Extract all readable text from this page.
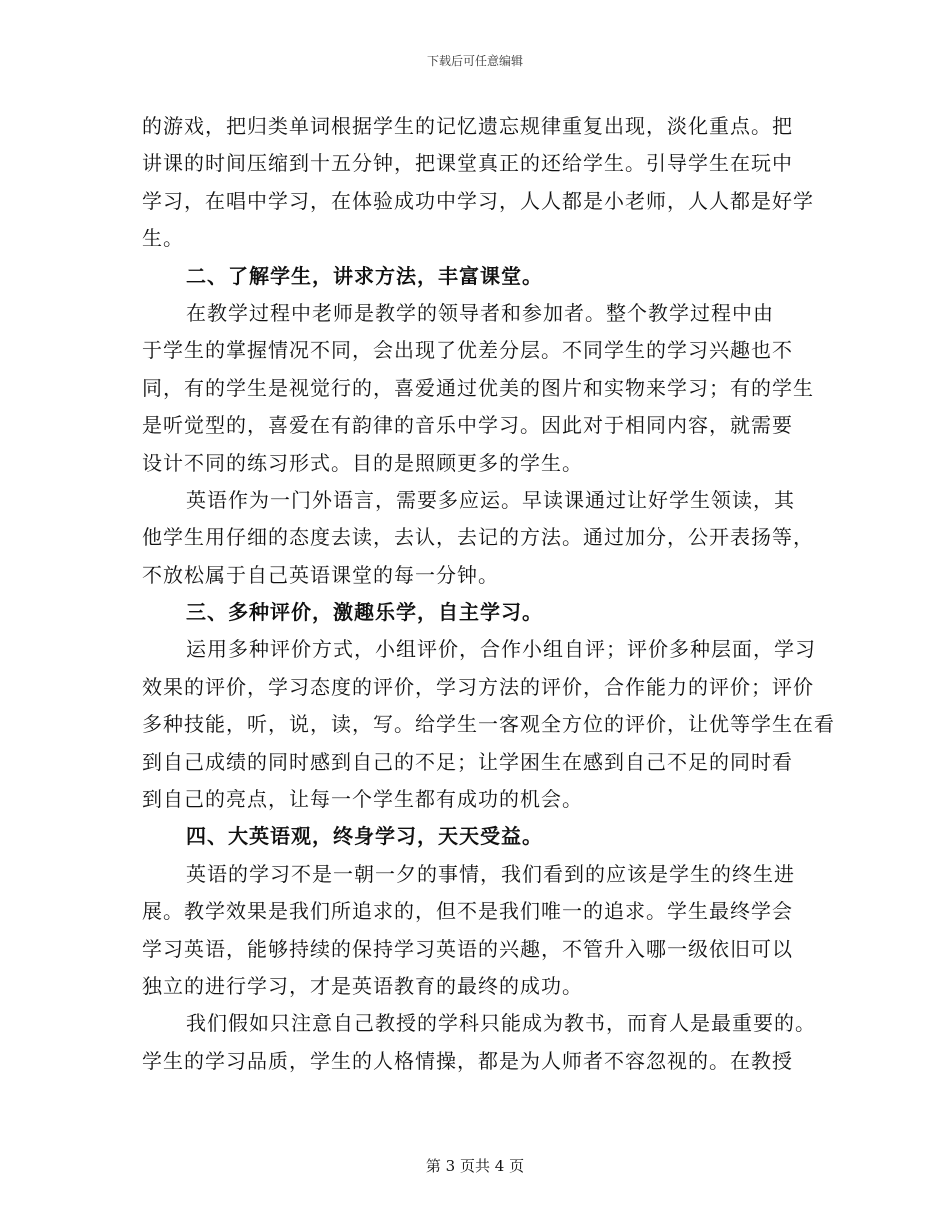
下载后可任意编辑
的游戏，把归类单词根据学生的记忆遗忘规律重复出现，淡化重点。把
讲课的时间压缩到十五分钟，把课堂真正的还给学生。引导学生在玩中
学习，在唱中学习，在体验成功中学习，人人都是小老师，人人都是好学
生。
二、了解学生，讲求方法，丰富课堂。
在教学过程中老师是教学的领导者和参加者。整个教学过程中由
于学生的掌握情况不同，会出现了优差分层。不同学生的学习兴趣也不
同，有的学生是视觉行的，喜爱通过优美的图片和实物来学习；有的学生
是听觉型的，喜爱在有韵律的音乐中学习。因此对于相同内容，就需要
设计不同的练习形式。目的是照顾更多的学生。
英语作为一门外语言，需要多应运。早读课通过让好学生领读，其
他学生用仔细的态度去读，去认，去记的方法。通过加分，公开表扬等，
不放松属于自己英语课堂的每一分钟。
三、多种评价，激趣乐学，自主学习。
运用多种评价方式，小组评价，合作小组自评；评价多种层面，学习
效果的评价，学习态度的评价，学习方法的评价，合作能力的评价；评价
多种技能，听，说，读，写。给学生一客观全方位的评价，让优等学生在看
到自己成绩的同时感到自己的不足；让学困生在感到自己不足的同时看
到自己的亮点，让每一个学生都有成功的机会。
四、大英语观，终身学习，天天受益。
英语的学习不是一朝一夕的事情，我们看到的应该是学生的终生进
展。教学效果是我们所追求的，但不是我们唯一的追求。学生最终学会
学习英语，能够持续的保持学习英语的兴趣，不管升入哪一级依旧可以
独立的进行学习，才是英语教育的最终的成功。
我们假如只注意自己教授的学科只能成为教书，而育人是最重要的。
学生的学习品质，学生的人格情操，都是为人师者不容忽视的。在教授
第 3 页共 4 页
